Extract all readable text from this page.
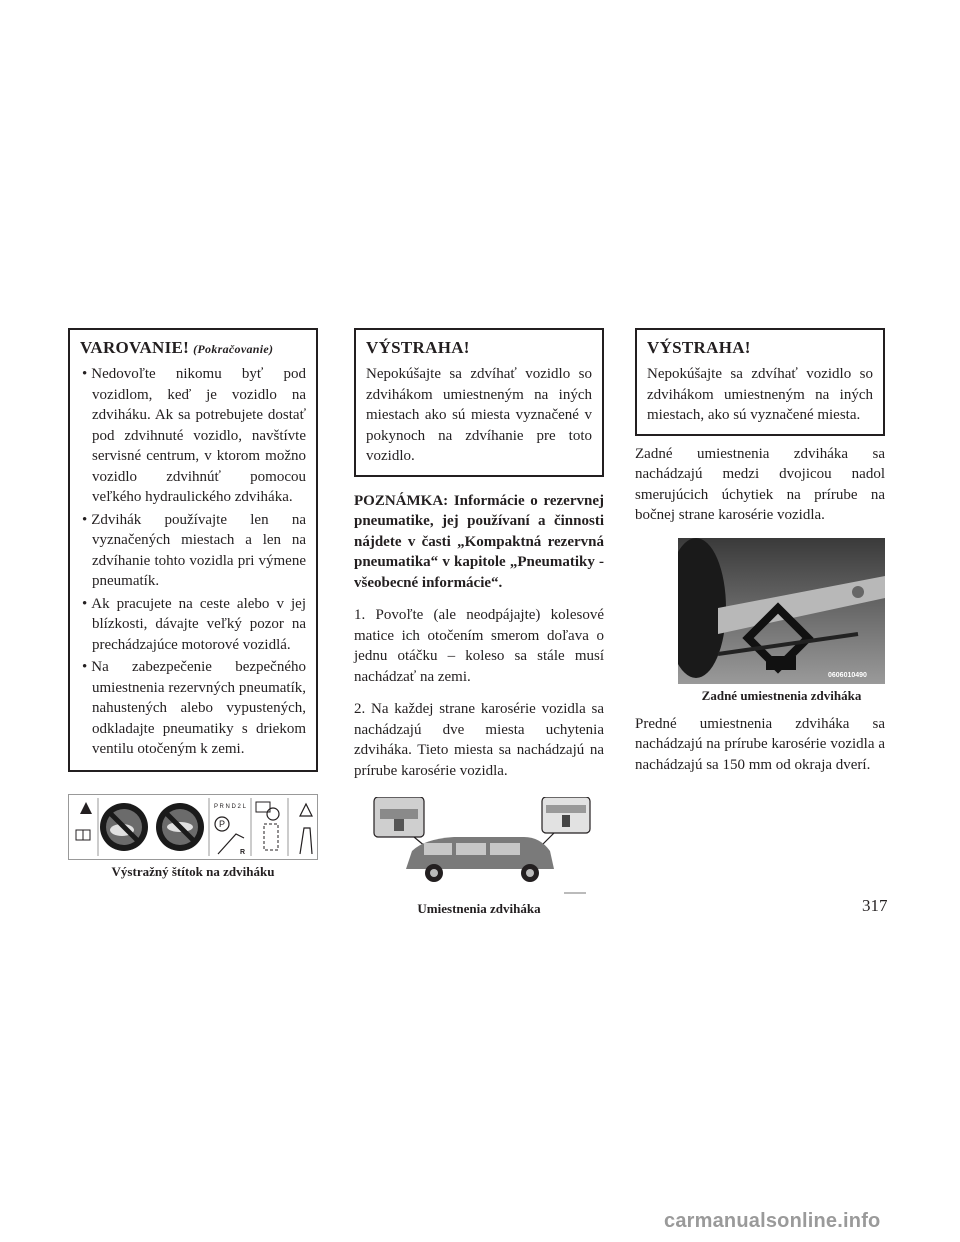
VAROVANIE! (Pokračovanie)
• Nedovoľte nikomu byť pod vozidlom, keď je vozidlo na zdviháku. Ak sa potrebujete dostať pod zdvihnuté vozidlo, navštívte servisné centrum, v ktorom možno vozidlo zdvihnúť pomocou veľkého hydraulického zdviháka.
• Zdvihák používajte len na vyznačených miestach a len na zdvíhanie tohto vozidla pri výmene pneumatík.
• Ak pracujete na ceste alebo v jej blízkosti, dávajte veľký pozor na prechádzajúce motorové vozidlá.
• Na zabezpečenie bezpečného umiestnenia rezervných pneumatík, nahustených alebo vypustených, odkladajte pneumatiky s driekom ventilu otočeným k zemi.
P R N D 2 L
P
R
Výstražný štítok na zdviháku
VÝSTRAHA!

Nepokúšajte sa zdvíhať vozidlo so zdvihákom umiestneným na iných miestach ako sú miesta vyznačené v pokynoch na zdvíhanie pre toto vozidlo.

POZNÁMKA: Informácie o rezervnej pneumatike, jej používaní a činnosti nájdete v časti „Kompaktná rezervná pneumatika“ v kapitole „Pneumatiky - všeobecné informácie“.

1. Povoľte (ale neodpájajte) kolesové matice ich otočením smerom doľava o jednu otáčku – koleso sa stále musí nachádzať na zemi.

2. Na každej strane karosérie vozidla sa nachádzajú dve miesta uchytenia zdviháka. Tieto miesta sa nachádzajú na prírube karosérie vozidla.

Umiestnenia zdviháka
VÝSTRAHA!

Nepokúšajte sa zdvíhať vozidlo so zdvihákom umiestneným na iných miestach, ako sú vyznačené miesta.

Zadné umiestnenia zdviháka sa nachádzajú medzi dvojicou nadol smerujúcich úchytiek na prírube na bočnej strane karosérie vozidla.

0606010490
Zadné umiestnenia zdviháka

Predné umiestnenia zdviháka sa nachádzajú na prírube karosérie vozidla a nachádzajú sa 150 mm od okraja dverí.

317
carmanualsonline.info
